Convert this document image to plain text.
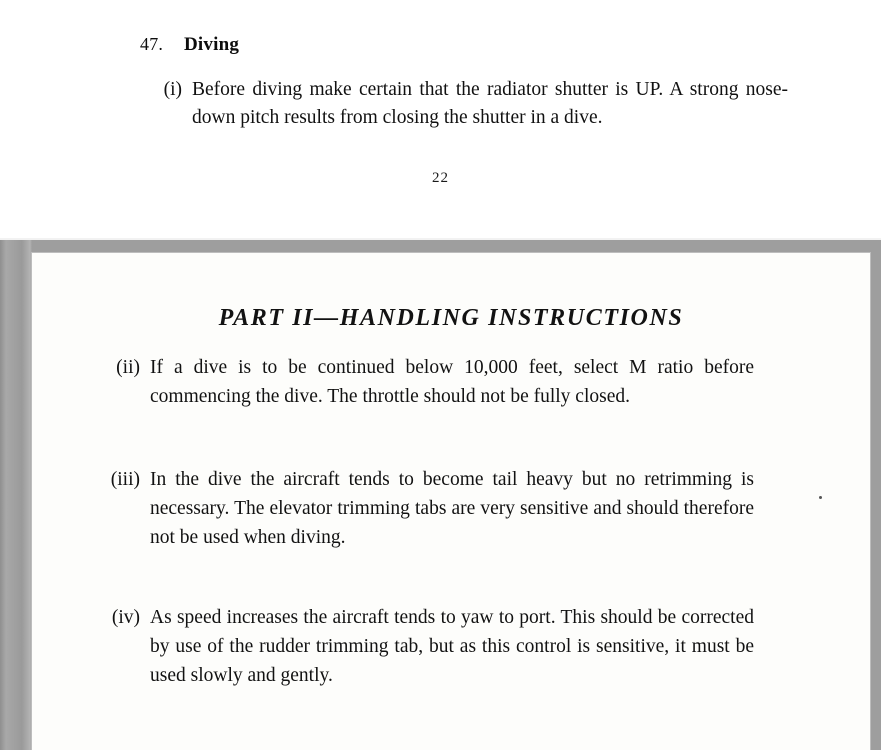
47. Diving
(i) Before diving make certain that the radiator shutter is UP. A strong nose-down pitch results from closing the shutter in a dive.
22
PART II—HANDLING INSTRUCTIONS
(ii) If a dive is to be continued below 10,000 feet, select M ratio before commencing the dive. The throttle should not be fully closed.
(iii) In the dive the aircraft tends to become tail heavy but no retrimming is necessary. The elevator trimming tabs are very sensitive and should therefore not be used when diving.
(iv) As speed increases the aircraft tends to yaw to port. This should be corrected by use of the rudder trimming tab, but as this control is sensitive, it must be used slowly and gently.
